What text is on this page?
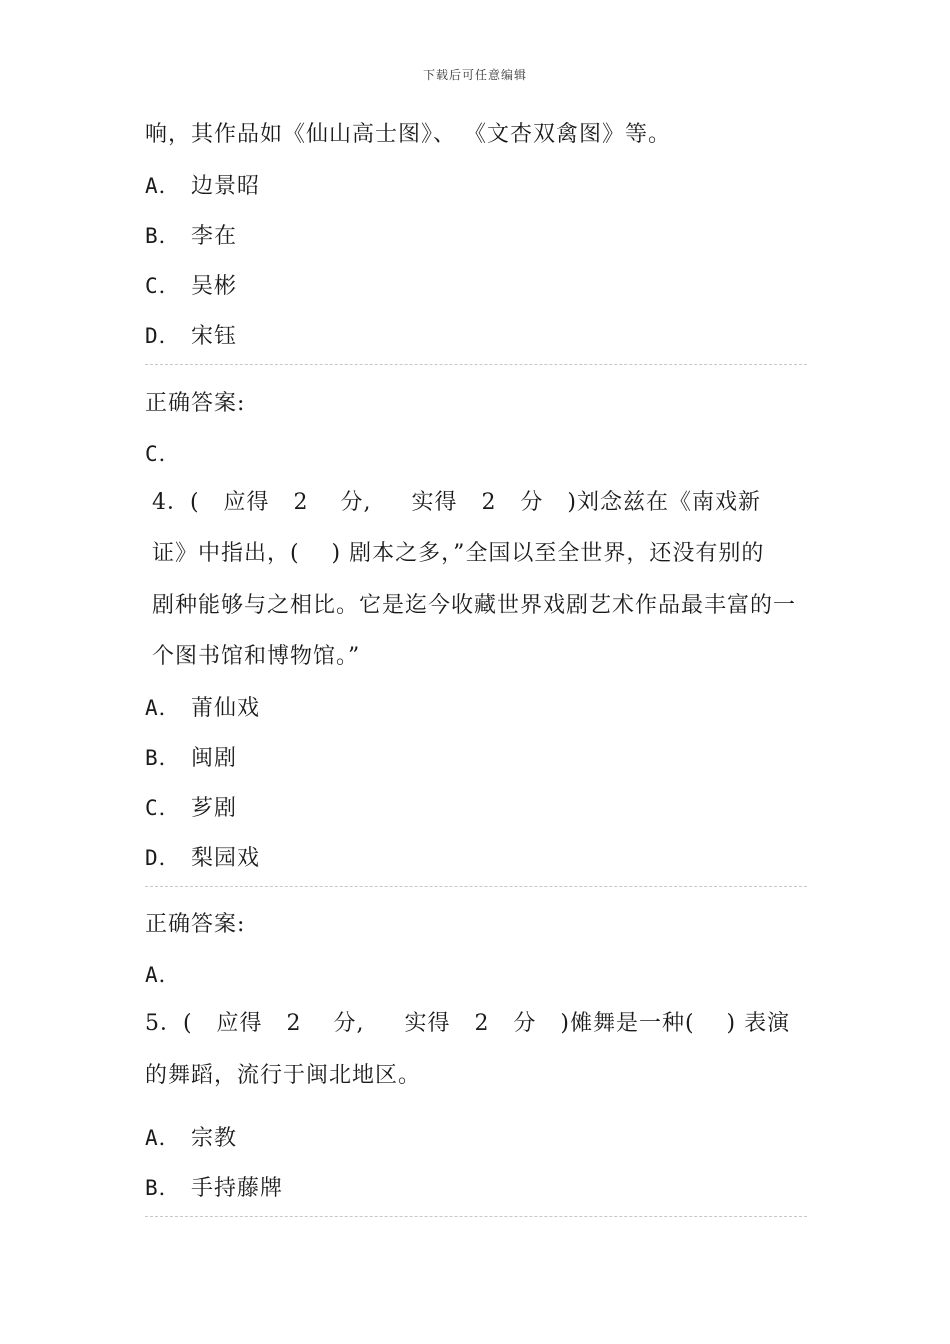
下载后可任意编辑
响，其作品如《仙山高士图》、 《文杏双禽图》等。
A． 边景昭
B． 李在
C． 吴彬
D． 宋钰
正确答案:
C．
4．(   应得   2    分,     实得   2   分   )刘念兹在《南戏新
证》中指出，(    ) 剧本之多，”全国以至全世界，还没有别的
剧种能够与之相比。它是迄今收藏世界戏剧艺术作品最丰富的一
个图书馆和博物馆。”
A． 莆仙戏
B． 闽剧
C． 芗剧
D． 梨园戏
正确答案:
A．
5．(   应得   2    分,     实得   2   分   )傩舞是一种(    ) 表演
的舞蹈，流行于闽北地区。
A． 宗教
B． 手持藤牌
